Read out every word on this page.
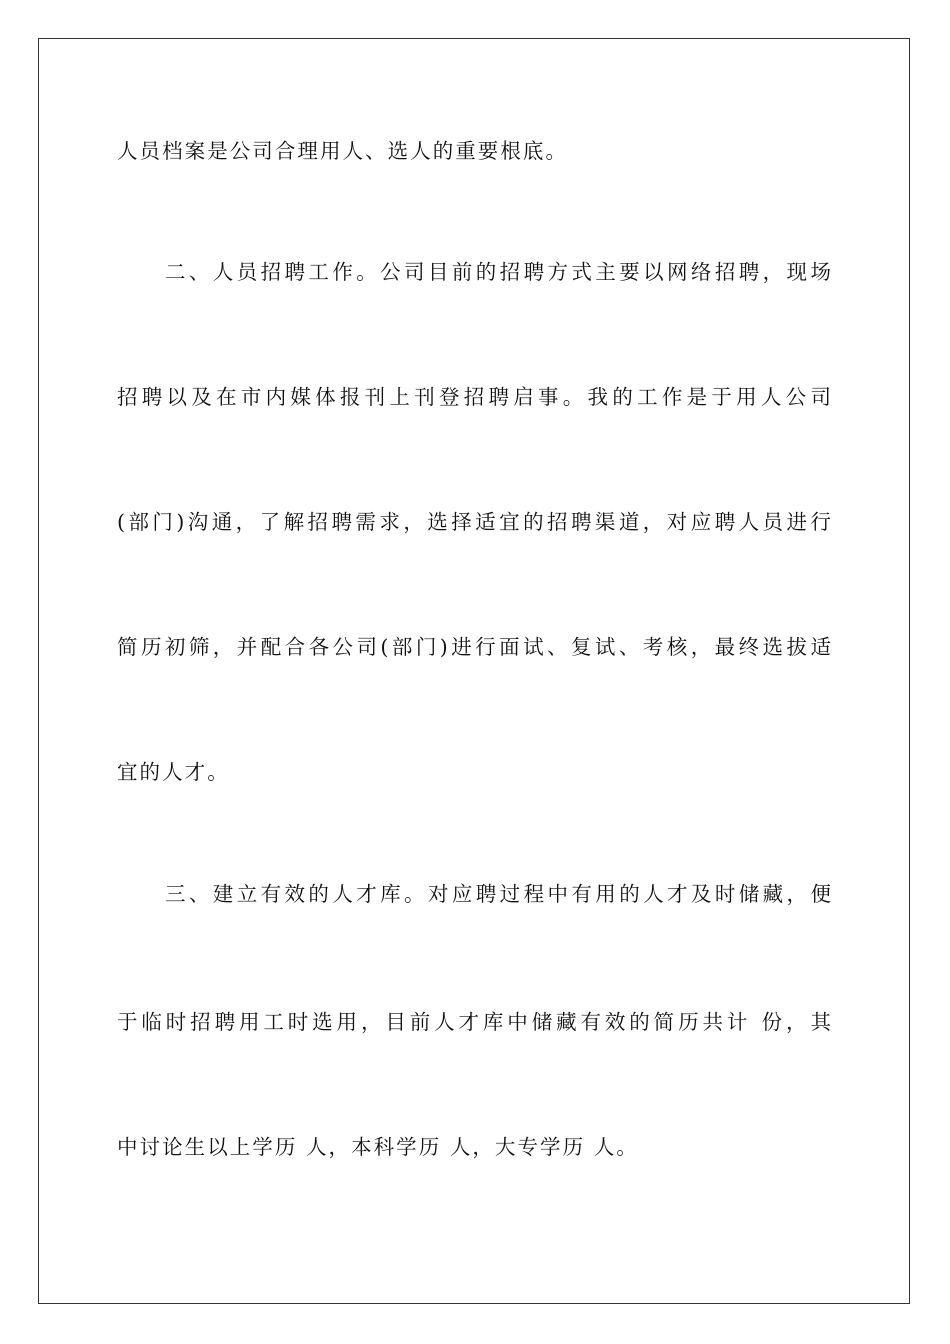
人员档案是公司合理用人、选人的重要根底。
二、人员招聘工作。公司目前的招聘方式主要以网络招聘，现场
招聘以及在市内媒体报刊上刊登招聘启事。我的工作是于用人公司
(部门)沟通，了解招聘需求，选择适宜的招聘渠道，对应聘人员进行
简历初筛，并配合各公司(部门)进行面试、复试、考核，最终选拔适
宜的人才。
三、建立有效的人才库。对应聘过程中有用的人才及时储藏，便
于临时招聘用工时选用，目前人才库中储藏有效的简历共计 份，其
中讨论生以上学历 人，本科学历 人，大专学历 人。
